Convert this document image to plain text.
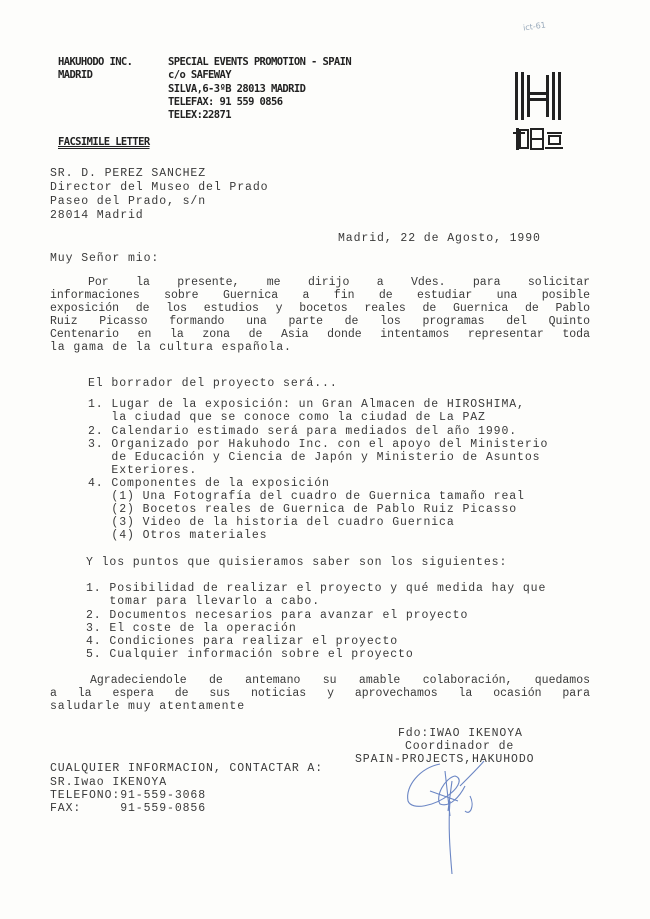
ict-61
HAKUHODO INC.
MADRID
SPECIAL EVENTS PROMOTION - SPAIN
c/o SAFEWAY
SILVA,6-3ºB 28013 MADRID
TELEFAX: 91 559 0856
TELEX:22871
FACSIMILE LETTER
SR. D. PEREZ SANCHEZ
Director del Museo del Prado
Paseo del Prado, s/n
28014 Madrid
Madrid, 22 de Agosto, 1990
Muy Señor mio:
Por la presente, me dirijo a Vdes. para solicitar
informaciones sobre Guernica a fin de estudiar una posible
exposición de los estudios y bocetos reales de Guernica de Pablo
Ruiz Picasso formando una parte de los programas del Quinto
Centenario en la zona de Asia donde intentamos representar toda
la gama de la cultura española.
El borrador del proyecto será...
1. Lugar de la exposición: un Gran Almacen de HIROSHIMA,
la ciudad que se conoce como la ciudad de La PAZ
2. Calendario estimado será para mediados del año 1990.
3. Organizado por Hakuhodo Inc. con el apoyo del Ministerio
de Educación y Ciencia de Japón y Ministerio de Asuntos
Exteriores.
4. Componentes de la exposición
(1) Una Fotografía del cuadro de Guernica tamaño real
(2) Bocetos reales de Guernica de Pablo Ruiz Picasso
(3) Video de la historia del cuadro Guernica
(4) Otros materiales
Y los puntos que quisieramos saber son los siguientes:
1. Posibilidad de realizar el proyecto y qué medida hay que
tomar para llevarlo a cabo.
2. Documentos necesarios para avanzar el proyecto
3. El coste de la operación
4. Condiciones para realizar el proyecto
5. Cualquier información sobre el proyecto
Agradeciendole de antemano su amable colaboración, quedamos
a la espera de sus noticias y aprovechamos la ocasión para
saludarle muy atentamente
Fdo:IWAO IKENOYA
Coordinador de
SPAIN-PROJECTS,HAKUHODO
CUALQUIER INFORMACION, CONTACTAR A:
SR.Iwao IKENOYA
TELEFONO:91-559-3068
FAX:     91-559-0856
